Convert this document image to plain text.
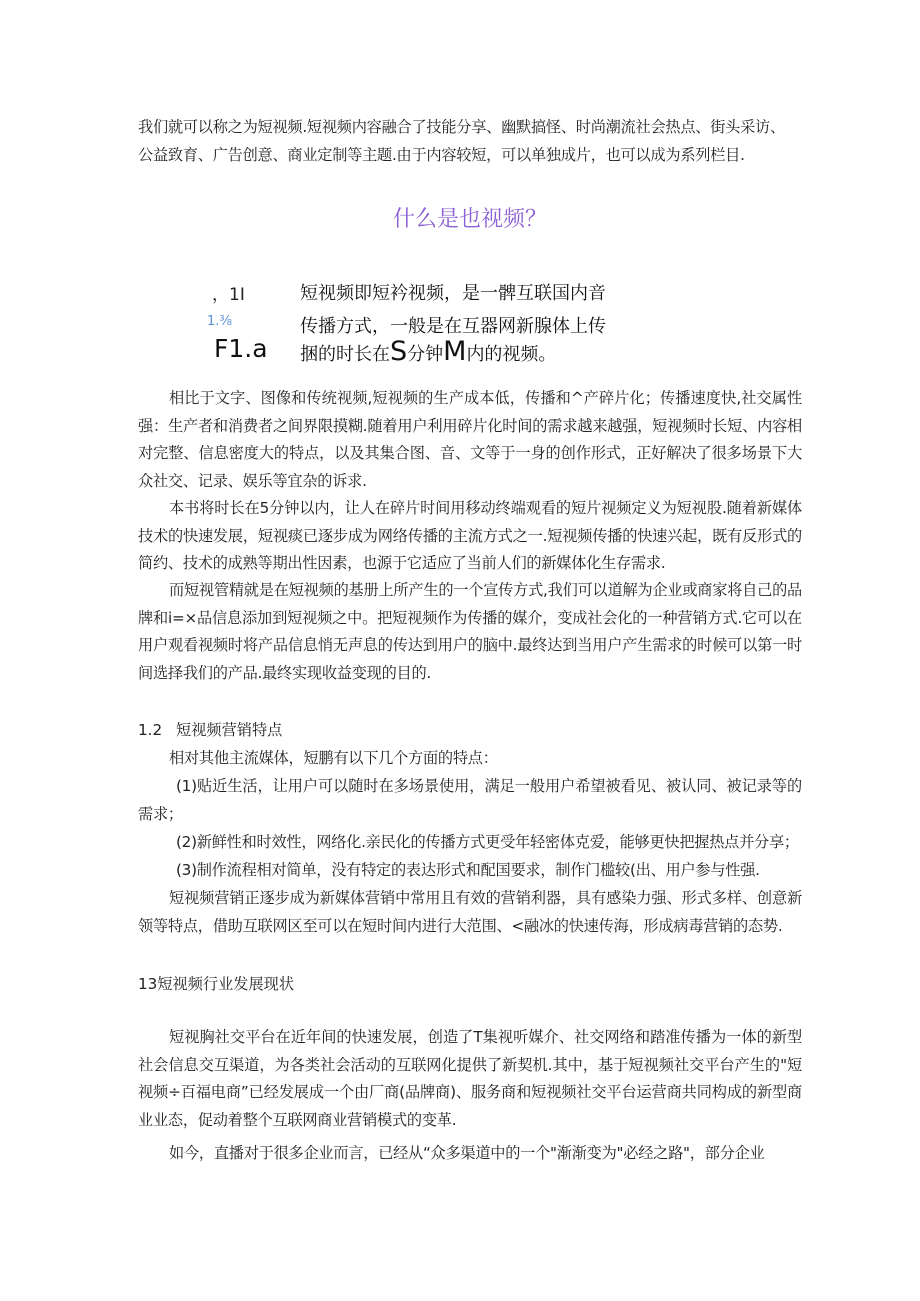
我们就可以称之为短视频.短视频内容融合了技能分享、幽默搞怪、时尚潮流社会热点、街头采访、
公益致育、广告创意、商业定制等主题.由于内容较短，可以单独成片，也可以成为系列栏目.

什么是也视频？

，1I

1.⅜

F1.a

短视频即短衿视频，是一髀互联国内音

传播方式，一般是在互器网新腺体上传

捆的时长在S分钟M内的视频。

相比于文字、图像和传统视频,短视频的生产成本低，传播和^产碎片化；传播速度快,社交属性强：生产者和消费者之间界限摸糊.随着用户利用碎片化时间的需求越来越强，短视频时长短、内容相对完整、信息密度大的特点，以及其集合图、音、文等于一身的创作形式，正好解决了很多场景下大众社交、记录、娱乐等宜杂的诉求.

本书将时长在5分钟以内，让人在碎片时间用移动终端观看的短片视频定义为短视股.随着新媒体技术的快速发展，短视痰已逐步成为网络传播的主流方式之一.短视频传播的快速兴起，既有反形式的简约、技术的成熟等期出性因素，也源于它适应了当前人们的新媒体化生存需求.

而短视管精就是在短视频的基册上所产生的一个宣传方式,我们可以道解为企业或商家将自己的品牌和i=×品信息添加到短视频之中。把短视频作为传播的媒介，变成社会化的一种营销方式.它可以在用户观看视频时将产品信息悄无声息的传达到用户的脑中.最终达到当用户产生需求的时候可以第一时间选择我们的产品.最终实现收益变现的目的.

1.2 短视频营销特点

相对其他主流媒体，短鹏有以下几个方面的特点：

(1)贴近生活，让用户可以随时在多场景使用，满足一般用户希望被看见、被认同、被记录等的需求；

(2)新鲜性和时效性，网络化.亲民化的传播方式更受年轻密体克爱，能够更快把握热点并分享；

(3)制作流程相对简单，没有特定的表达形式和配国要求，制作门槛较(出、用户参与性强.

短视频营销正逐步成为新媒体营销中常用且有效的营销利器，具有感染力强、形式多样、创意新领等特点，借助互联网区至可以在短时间内进行大范围、<融冰的快速传海，形成病毒营销的态势.

13短视频行业发展现状

短视胸社交平台在近年间的快速发展，创造了T集视听媒介、社交网络和踏准传播为一体的新型社会信息交互渠道，为各类社会活动的互联网化提供了新契机.其中，基于短视频社交平台产生的"短视频÷百福电商”已经发展成一个由厂商(品牌商)、服务商和短视频社交平台运营商共同构成的新型商业业态，促动着整个互联网商业营销模式的变革.

如今，直播对于很多企业而言，已经从“众多渠道中的一个"渐渐变为"必经之路"，部分企业
